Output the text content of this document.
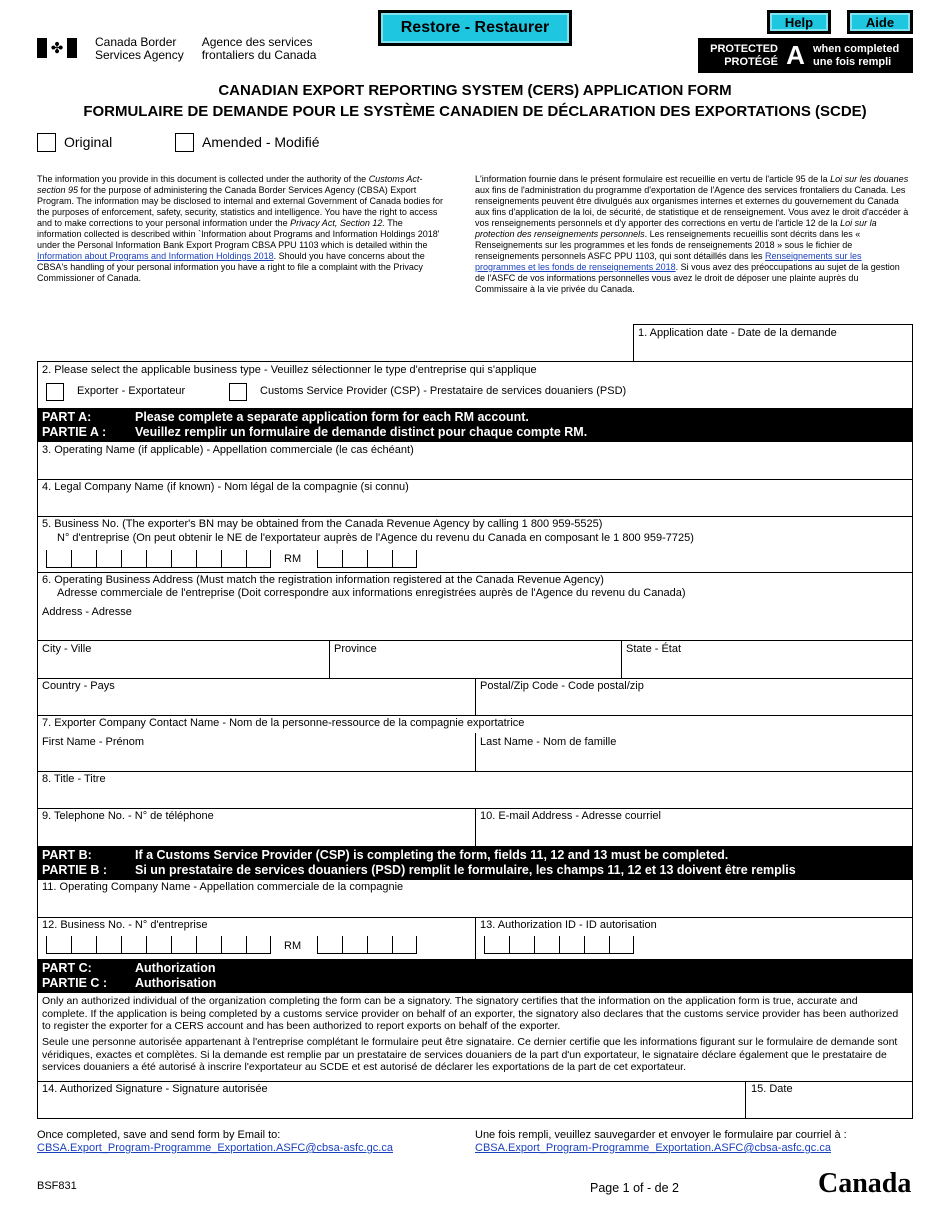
✤	Canada Border
Services Agency
Agence des services
frontaliers du Canada
Restore - Restaurer	Help	Aide
PROTECTED
PROTÉGÉ A when completed
une fois rempli
CANADIAN EXPORT REPORTING SYSTEM (CERS) APPLICATION FORM
FORMULAIRE DE DEMANDE POUR LE SYSTÈME CANADIEN DE DÉCLARATION DES EXPORTATIONS (SCDE)
Original	Amended - Modifié
The information you provide in this document is collected under the authority of the Customs Act-section 95 for the purpose of administering the Canada Border Services Agency (CBSA) Export Program. The information may be disclosed to internal and external Government of Canada bodies for the purposes of enforcement, safety, security, statistics and intelligence. You have the right to access and to make corrections to your personal information under the Privacy Act, Section 12. The information collected is described within `Information about Programs and Information Holdings 2018' under the Personal Information Bank Export Program CBSA PPU 1103 which is detailed within the Information about Programs and Information Holdings 2018. Should you have concerns about the CBSA's handling of your personal information you have a right to file a complaint with the Privacy Commissioner of Canada.
L'information fournie dans le présent formulaire est recueillie en vertu de l'article 95 de la Loi sur les douanes aux fins de l'administration du programme d'exportation de l'Agence des services frontaliers du Canada. Les renseignements peuvent être divulgués aux organismes internes et externes du gouvernement du Canada aux fins d'application de la loi, de sécurité, de statistique et de renseignement. Vous avez le droit d'accéder à vos renseignements personnels et d'y apporter des corrections en vertu de l'article 12 de la Loi sur la protection des renseignements personnels. Les renseignements recueillis sont décrits dans les « Renseignements sur les programmes et les fonds de renseignements 2018 » sous le fichier de renseignements personnels ASFC PPU 1103, qui sont détaillés dans les Renseignements sur les programmes et les fonds de renseignements 2018. Si vous avez des préoccupations au sujet de la gestion de l'ASFC de vos informations personnelles vous avez le droit de déposer une plainte auprès du Commissaire à la vie privée du Canada.
1. Application date - Date de la demande
2. Please select the applicable business type - Veuillez sélectionner le type d'entreprise qui s'applique
Exporter - Exportateur	Customs Service Provider (CSP) - Prestataire de services douaniers (PSD)
PART A:	Please complete a separate application form for each RM account.
PARTIE A :	Veuillez remplir un formulaire de demande distinct pour chaque compte RM.
3. Operating Name (if applicable) - Appellation commerciale (le cas échéant)
4. Legal Company Name (if known) - Nom légal de la compagnie (si connu)
5. Business No. (The exporter's BN may be obtained from the Canada Revenue Agency by calling 1 800 959-5525)
N° d'entreprise (On peut obtenir le NE de l'exportateur auprès de l'Agence du revenu du Canada en composant le 1 800 959-7725)
RM
6. Operating Business Address (Must match the registration information registered at the Canada Revenue Agency)
Adresse commerciale de l'entreprise (Doit correspondre aux informations enregistrées auprès de l'Agence du revenu du Canada)
Address - Adresse
City - Ville	Province	State - État
Country - Pays	Postal/Zip Code - Code postal/zip
7. Exporter Company Contact Name - Nom de la personne-ressource de la compagnie exportatrice
First Name - Prénom	Last Name - Nom de famille
8. Title - Titre
9. Telephone No. - N° de téléphone	10. E-mail Address - Adresse courriel
PART B:	If a Customs Service Provider (CSP) is completing the form, fields 11, 12 and 13 must be completed.
PARTIE B :	Si un prestataire de services douaniers (PSD) remplit le formulaire, les champs 11, 12 et 13 doivent être remplis
11. Operating Company Name - Appellation commerciale de la compagnie
12. Business No. - N° d'entreprise
RM
13. Authorization ID - ID autorisation
PART C:	Authorization
PARTIE C :	Authorisation
Only an authorized individual of the organization completing the form can be a signatory. The signatory certifies that the information on the application form is true, accurate and complete. If the application is being completed by a customs service provider on behalf of an exporter, the signatory also declares that the customs service provider has been authorized to register the exporter for a CERS account and has been authorized to report exports on behalf of the exporter.
Seule une personne autorisée appartenant à l'entreprise complétant le formulaire peut être signataire. Ce dernier certifie que les informations figurant sur le formulaire de demande sont véridiques, exactes et complètes. Si la demande est remplie par un prestataire de services douaniers de la part d'un exportateur, le signataire déclare également que le prestataire de services douaniers a été autorisé à inscrire l'exportateur au SCDE et est autorisé de déclarer les exportations de la part de cet exportateur.
14. Authorized Signature - Signature autorisée	15. Date
Once completed, save and send form by Email to:
CBSA.Export_Program-Programme_Exportation.ASFC@cbsa-asfc.gc.ca
Une fois rempli, veuillez sauvegarder et envoyer le formulaire par courriel à :
CBSA.Export_Program-Programme_Exportation.ASFC@cbsa-asfc.gc.ca
BSF831	Page 1 of - de 2	Canada
